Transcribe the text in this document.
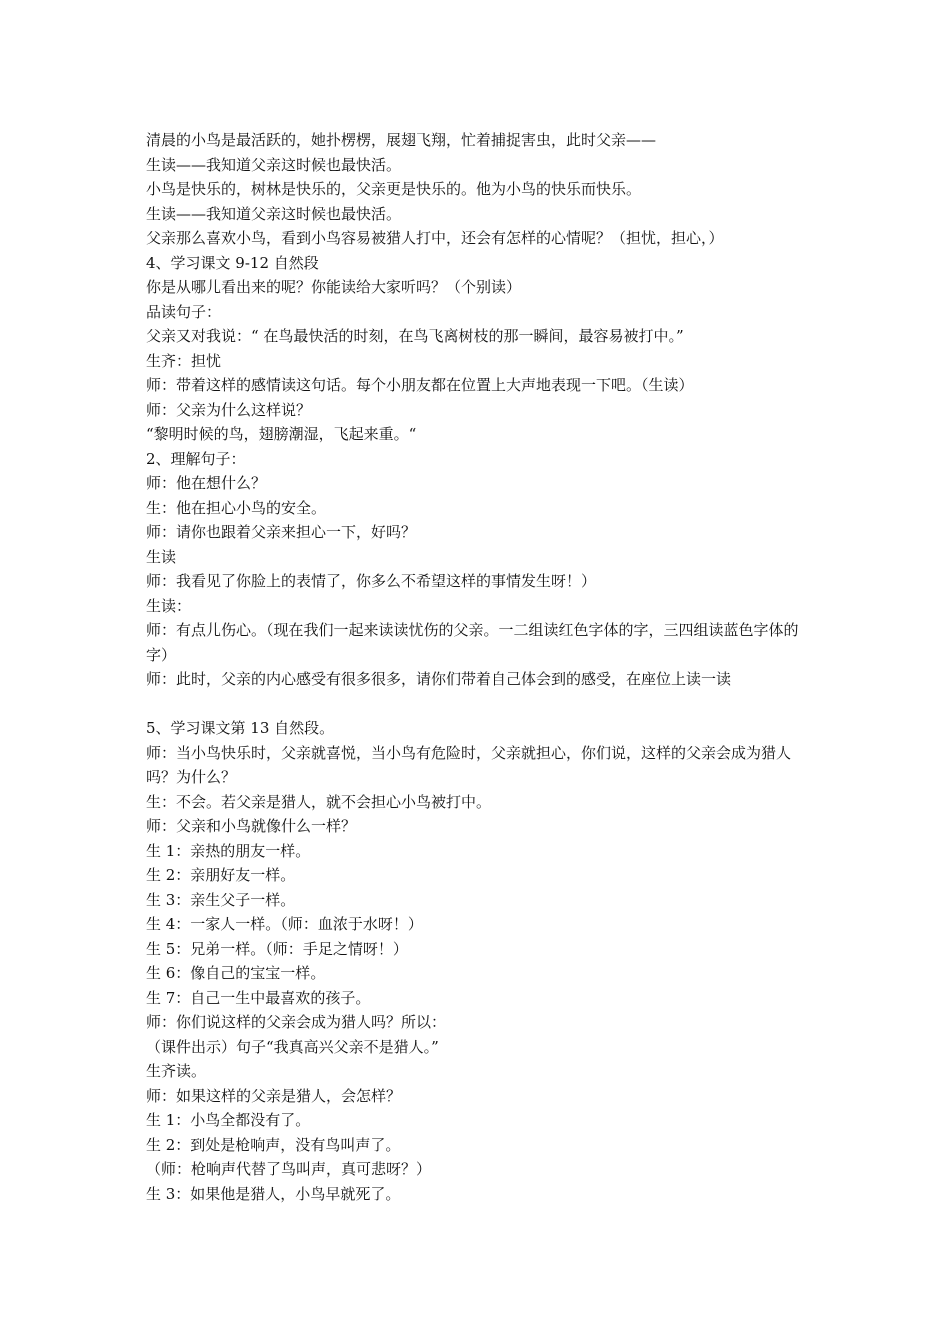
清晨的小鸟是最活跃的，她扑楞楞，展翅飞翔，忙着捕捉害虫，此时父亲——

生读——我知道父亲这时候也最快活。

小鸟是快乐的，树林是快乐的，父亲更是快乐的。他为小鸟的快乐而快乐。

生读——我知道父亲这时候也最快活。

父亲那么喜欢小鸟，看到小鸟容易被猎人打中，还会有怎样的心情呢？（担忧，担心，）

4、学习课文 9-12 自然段

你是从哪儿看出来的呢？你能读给大家听吗？（个别读）

品读句子：

父亲又对我说：“ 在鸟最快活的时刻，在鸟飞离树枝的那一瞬间，最容易被打中。”

生齐：担忧

师：带着这样的感情读这句话。每个小朋友都在位置上大声地表现一下吧。（生读）

师：父亲为什么这样说？

“黎明时候的鸟，翅膀潮湿，飞起来重。“

2、理解句子：

师：他在想什么？

生：他在担心小鸟的安全。

师：请你也跟着父亲来担心一下，好吗？

生读

师：我看见了你脸上的表情了，你多么不希望这样的事情发生呀！）

生读：

师：有点儿伤心。（现在我们一起来读读忧伤的父亲。一二组读红色字体的字，三四组读蓝色字体的字）

师：此时，父亲的内心感受有很多很多，请你们带着自己体会到的感受，在座位上读一读

5、学习课文第 13 自然段。

师：当小鸟快乐时，父亲就喜悦，当小鸟有危险时，父亲就担心，你们说，这样的父亲会成为猎人吗？为什么？

生：不会。若父亲是猎人，就不会担心小鸟被打中。

师：父亲和小鸟就像什么一样？

生 1：亲热的朋友一样。

生 2：亲朋好友一样。

生 3：亲生父子一样。

生 4：一家人一样。（师：血浓于水呀！）

生 5：兄弟一样。（师：手足之情呀！）

生 6：像自己的宝宝一样。

生 7：自己一生中最喜欢的孩子。

师：你们说这样的父亲会成为猎人吗？所以：

（课件出示）句子“我真高兴父亲不是猎人。”

生齐读。

师：如果这样的父亲是猎人，会怎样？

生 1：小鸟全都没有了。

生 2：到处是枪响声，没有鸟叫声了。

（师：枪响声代替了鸟叫声，真可悲呀？）

生 3：如果他是猎人，小鸟早就死了。
